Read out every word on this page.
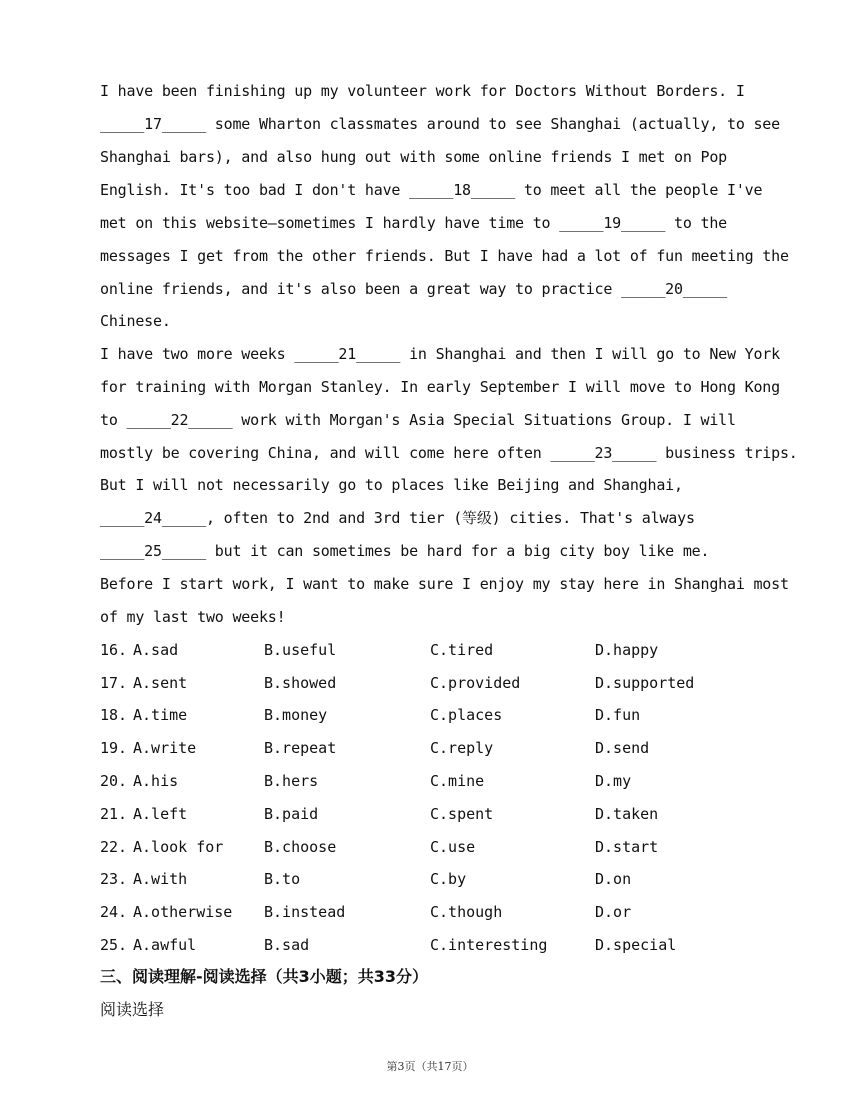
I have been finishing up my volunteer work for Doctors Without Borders. I
_____17_____ some Wharton classmates around to see Shanghai (actually, to see
Shanghai bars), and also hung out with some online friends I met on Pop
English. It's too bad I don't have _____18_____ to meet all the people I've
met on this website—sometimes I hardly have time to _____19_____ to the
messages I get from the other friends. But I have had a lot of fun meeting the
online friends, and it's also been a great way to practice _____20_____
Chinese.
I have two more weeks _____21_____ in Shanghai and then I will go to New York
for training with Morgan Stanley. In early September I will move to Hong Kong
to _____22_____ work with Morgan's Asia Special Situations Group. I will
mostly be covering China, and will come here often _____23_____ business trips.
But I will not necessarily go to places like Beijing and Shanghai,
_____24_____, often to 2nd and 3rd tier (等级) cities. That's always
_____25_____ but it can sometimes be hard for a big city boy like me.
Before I start work, I want to make sure I enjoy my stay here in Shanghai most
of my last two weeks!
16. A.sad	B.useful	C.tired	D.happy
17. A.sent	B.showed	C.provided	D.supported
18. A.time	B.money	C.places	D.fun
19. A.write	B.repeat	C.reply	D.send
20. A.his	B.hers	C.mine	D.my
21. A.left	B.paid	C.spent	D.taken
22. A.look for	B.choose	C.use	D.start
23. A.with	B.to	C.by	D.on
24. A.otherwise B.instead	C.though	D.or
25. A.awful	B.sad	C.interesting	D.special
三、阅读理解-阅读选择（共3小题；共33分）
阅读选择
第3页（共17页）
